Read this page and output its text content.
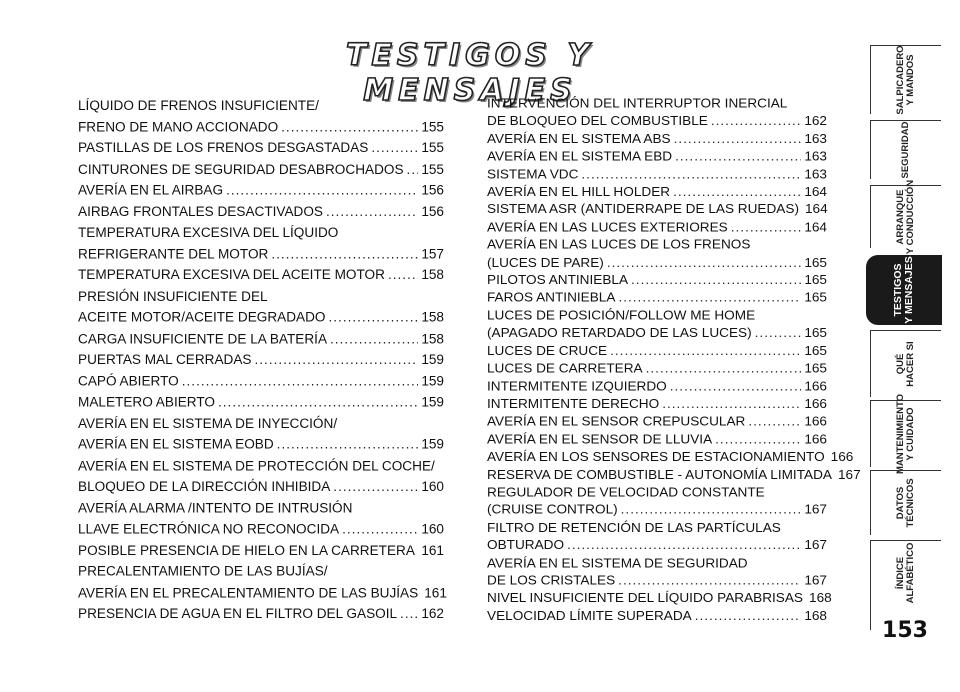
TESTIGOS Y MENSAJES
LÍQUIDO DE FRENOS INSUFICIENTE/
FRENO DE MANO ACCIONADO .....	155
PASTILLAS DE LOS FRENOS DESGASTADAS .....	155
CINTURONES DE SEGURIDAD DESABROCHADOS ..... 155
AVERÍA EN EL AIRBAG .....	156
AIRBAG FRONTALES DESACTIVADOS .....	156
TEMPERATURA EXCESIVA DEL LÍQUIDO
REFRIGERANTE DEL MOTOR .....	157
TEMPERATURA EXCESIVA DEL ACEITE MOTOR .....	158
PRESIÓN INSUFICIENTE DEL
ACEITE MOTOR/ACEITE DEGRADADO .....	158
CARGA INSUFICIENTE DE LA BATERÍA .....	158
PUERTAS MAL CERRADAS .....	159
CAPÓ ABIERTO .....	159
MALETERO ABIERTO .....	159
AVERÍA EN EL SISTEMA DE INYECCIÓN/
AVERÍA EN EL SISTEMA EOBD .....	159
AVERÍA EN EL SISTEMA DE PROTECCIÓN DEL COCHE/
BLOQUEO DE LA DIRECCIÓN INHIBIDA .....	160
AVERÍA ALARMA /INTENTO DE INTRUSIÓN
LLAVE ELECTRÓNICA NO RECONOCIDA .....	160
POSIBLE PRESENCIA DE HIELO EN LA CARRETERA ..... 161
PRECALENTAMIENTO DE LAS BUJÍAS/
AVERÍA EN EL PRECALENTAMIENTO DE LAS BUJÍAS 161
PRESENCIA DE AGUA EN EL FILTRO DEL GASOIL ..... 162
INTERVENCIÓN DEL INTERRUPTOR INERCIAL
DE BLOQUEO DEL COMBUSTIBLE .....	162
AVERÍA EN EL SISTEMA ABS .....	163
AVERÍA EN EL SISTEMA EBD .....	163
SISTEMA VDC .....	163
AVERÍA EN EL HILL HOLDER .....	164
SISTEMA ASR (ANTIDERRAPE DE LAS RUEDAS) 164
AVERÍA EN LAS LUCES EXTERIORES .....	164
AVERÍA EN LAS LUCES DE LOS FRENOS
(LUCES DE PARE) .....	165
PILOTOS ANTINIEBLA .....	165
FAROS ANTINIEBLA .....	165
LUCES DE POSICIÓN/FOLLOW ME HOME
(APAGADO RETARDADO DE LAS LUCES) .....	165
LUCES DE CRUCE .....	165
LUCES DE CARRETERA .....	165
INTERMITENTE IZQUIERDO .....	166
INTERMITENTE DERECHO .....	166
AVERÍA EN EL SENSOR CREPUSCULAR .....	166
AVERÍA EN EL SENSOR DE LLUVIA .....	166
AVERÍA EN LOS SENSORES DE ESTACIONAMIENTO 166
RESERVA DE COMBUSTIBLE - AUTONOMÍA LIMITADA 167
REGULADOR DE VELOCIDAD CONSTANTE
(CRUISE CONTROL) .....	167
FILTRO DE RETENCIÓN DE LAS PARTÍCULAS
OBTURADO .....	167
AVERÍA EN EL SISTEMA DE SEGURIDAD
DE LOS CRISTALES .....	167
NIVEL INSUFICIENTE DEL LÍQUIDO PARABRISAS 168
VELOCIDAD LÍMITE SUPERADA .....	168
SALPICADERO
Y MANDOS
SEGURIDAD
ARRANQUE
Y CONDUCCIÓN
TESTIGOS
Y MENSAJES
QUÉ
HACER SI
MANTENIMIENTO
Y CUIDADO
DATOS
TÉCNICOS
ÍNDICE
ALFABÉTICO
153
